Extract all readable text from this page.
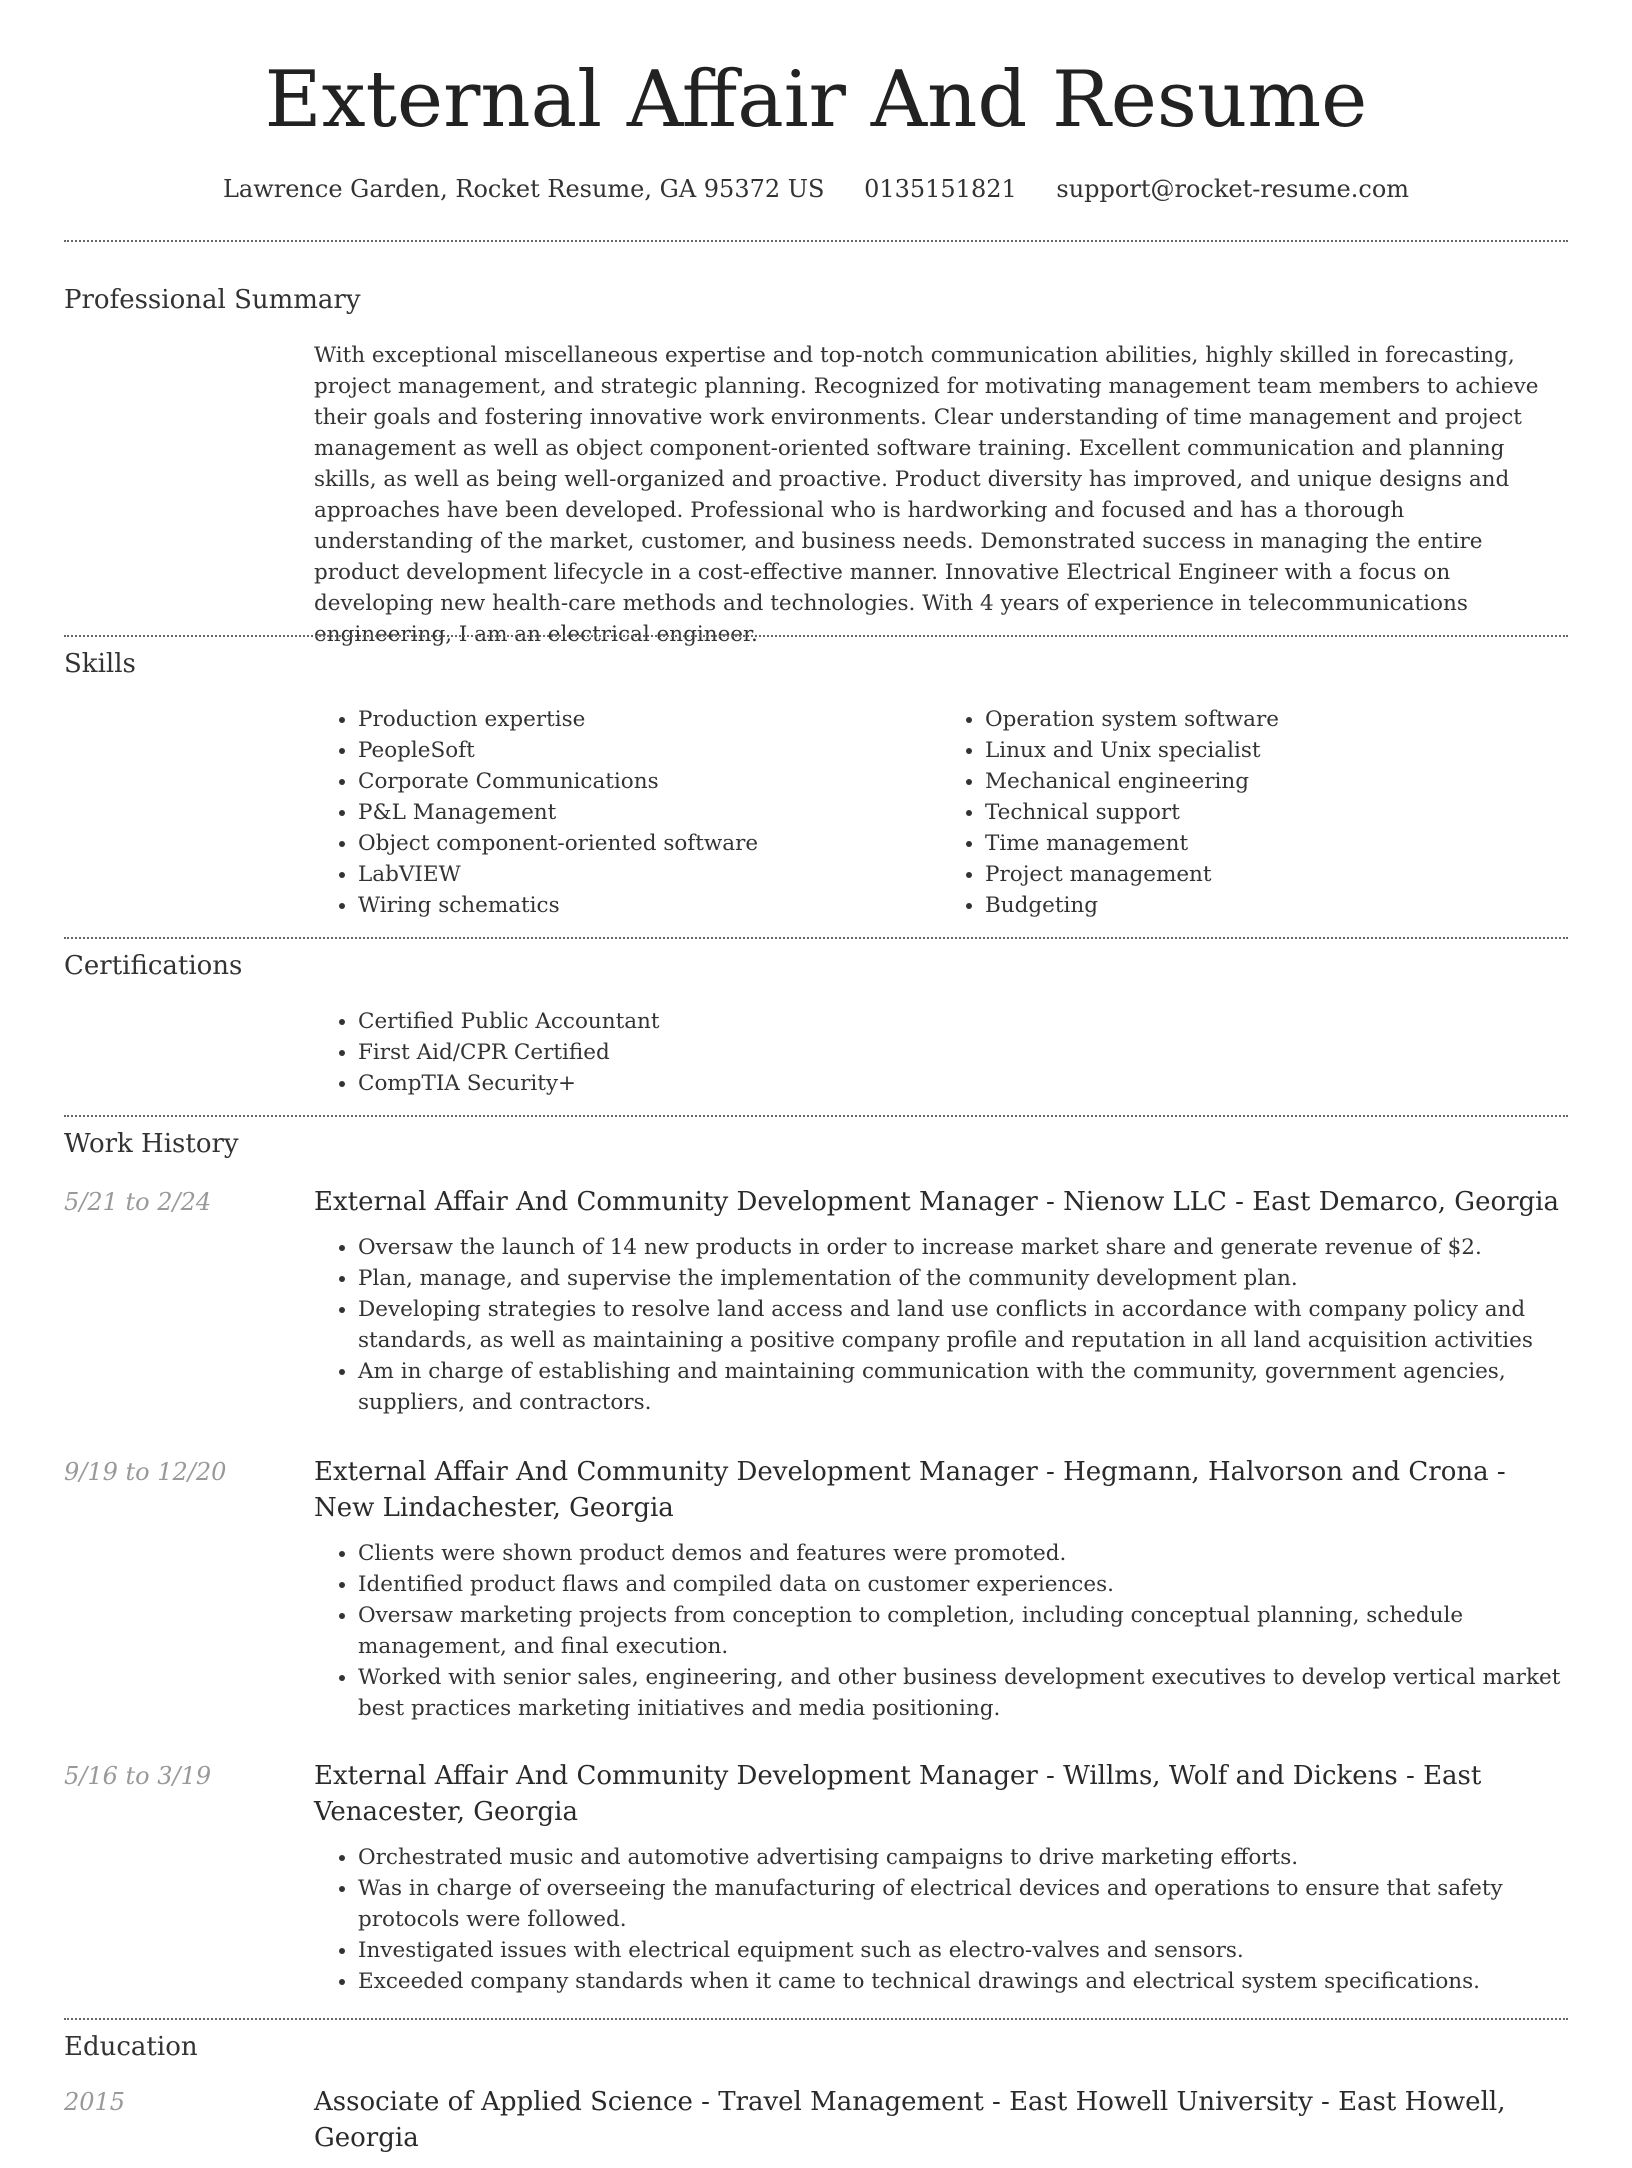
External Affair And Resume
Lawrence Garden, Rocket Resume, GA 95372 US 0135151821 support@rocket-resume.com
Professional Summary

With exceptional miscellaneous expertise and top-notch communication abilities, highly skilled in forecasting, project management, and strategic planning. Recognized for motivating management team members to achieve their goals and fostering innovative work environments. Clear understanding of time management and project management as well as object component-oriented software training. Excellent communication and planning skills, as well as being well-organized and proactive. Product diversity has improved, and unique designs and approaches have been developed. Professional who is hardworking and focused and has a thorough understanding of the market, customer, and business needs. Demonstrated success in managing the entire product development lifecycle in a cost-effective manner. Innovative Electrical Engineer with a focus on developing new health-care methods and technologies. With 4 years of experience in telecommunications engineering, I am an electrical engineer.

Skills
• Production expertise
• PeopleSoft
• Corporate Communications
• P&L Management
• Object component-oriented software
• LabVIEW
• Wiring schematics
• Operation system software
• Linux and Unix specialist
• Mechanical engineering
• Technical support
• Time management
• Project management
• Budgeting
Certifications
• Certified Public Accountant
• First Aid/CPR Certified
• CompTIA Security+
Work History
5/21 to 2/24	External Affair And Community Development Manager - Nienow LLC - East Demarco, Georgia
• Oversaw the launch of 14 new products in order to increase market share and generate revenue of $2.
• Plan, manage, and supervise the implementation of the community development plan.
• Developing strategies to resolve land access and land use conflicts in accordance with company policy and standards, as well as maintaining a positive company profile and reputation in all land acquisition activities
• Am in charge of establishing and maintaining communication with the community, government agencies, suppliers, and contractors.
9/19 to 12/20	External Affair And Community Development Manager - Hegmann, Halvorson and Crona - New Lindachester, Georgia
• Clients were shown product demos and features were promoted.
• Identified product flaws and compiled data on customer experiences.
• Oversaw marketing projects from conception to completion, including conceptual planning, schedule management, and final execution.
• Worked with senior sales, engineering, and other business development executives to develop vertical market best practices marketing initiatives and media positioning.
5/16 to 3/19	External Affair And Community Development Manager - Willms, Wolf and Dickens - East Venacester, Georgia
• Orchestrated music and automotive advertising campaigns to drive marketing efforts.
• Was in charge of overseeing the manufacturing of electrical devices and operations to ensure that safety protocols were followed.
• Investigated issues with electrical equipment such as electro-valves and sensors.
• Exceeded company standards when it came to technical drawings and electrical system specifications.
Education
2015	Associate of Applied Science - Travel Management - East Howell University - East Howell, Georgia
